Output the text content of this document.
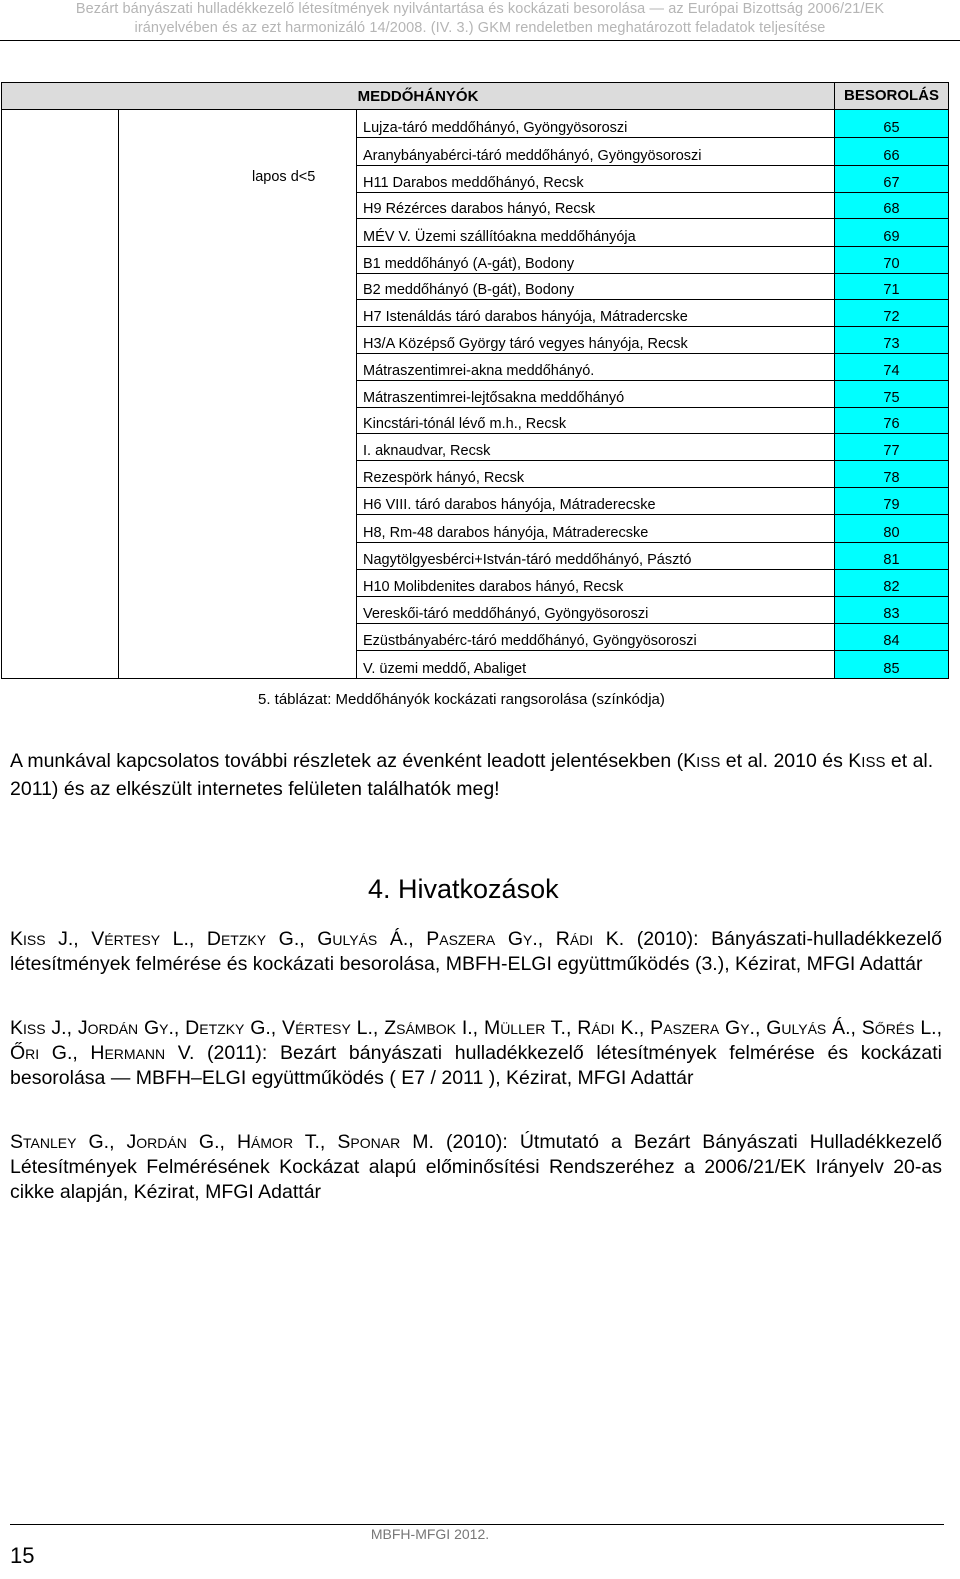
Bezárt bányászati hulladékkezelő létesítmények nyilvántartása és kockázati besorolása — az Európai Bizottság 2006/21/EK
irányelvében és az ezt harmonizáló 14/2008. (IV. 3.) GKM rendeletben meghatározott feladatok teljesítése
MEDDŐHÁNYÓK	BESOROLÁS
lapos d<5
Lujza-táró meddőhányó, Gyöngyösoroszi	65
Aranybányabérci-táró meddőhányó, Gyöngyösoroszi	66
H11 Darabos meddőhányó, Recsk	67
H9 Rézérces darabos hányó, Recsk	68
MÉV V. Üzemi szállítóakna meddőhányója	69
B1 meddőhányó (A-gát), Bodony	70
B2 meddőhányó (B-gát), Bodony	71
H7 Istenáldás táró darabos hányója, Mátradercske	72
H3/A Középső György táró vegyes hányója, Recsk	73
Mátraszentimrei-akna meddőhányó.	74
Mátraszentimrei-lejtősakna meddőhányó	75
Kincstári-tónál lévő m.h., Recsk	76
I. aknaudvar, Recsk	77
Rezespörk hányó, Recsk	78
H6 VIII. táró darabos hányója, Mátraderecske	79
H8, Rm-48 darabos hányója, Mátraderecske	80
Nagytölgyesbérci+István-táró meddőhányó, Pásztó	81
H10 Molibdenites darabos hányó, Recsk	82
Vereskői-táró meddőhányó, Gyöngyösoroszi	83
Ezüstbányabérc-táró meddőhányó, Gyöngyösoroszi	84
V. üzemi meddő, Abaliget	85
5. táblázat: Meddőhányók kockázati rangsorolása (színkódja)
A munkával kapcsolatos további részletek az évenként leadott jelentésekben (KISS et al. 2010 és KISS et al. 2011) és az elkészült internetes felületen találhatók meg!
4. Hivatkozások
Kiss J., Vértesy L., Detzky G., Gulyás Á., Paszera Gy., Rádi K. (2010): Bányászati-hulladékkezelő létesítmények felmérése és kockázati besorolása, MBFH-ELGI együttműködés (3.), Kézirat, MFGI Adattár
Kiss J., Jordán Gy., Detzky G., Vértesy L., Zsámbok I., Müller T., Rádi K., Paszera Gy., Gulyás Á., Sőrés L., Őri G., Hermann V. (2011): Bezárt bányászati hulladékkezelő létesítmények felmérése és kockázati besorolása — MBFH–ELGI együttműködés ( E7 / 2011 ), Kézirat, MFGI Adattár
Stanley G., Jordán G., Hámor T., Sponar M. (2010): Útmutató a Bezárt Bányászati Hulladékkezelő Létesítmények Felmérésének Kockázat alapú előminősítési Rendszeréhez a 2006/21/EK Irányelv 20-as cikke alapján, Kézirat, MFGI Adattár
MBFH-MFGI 2012.
15
